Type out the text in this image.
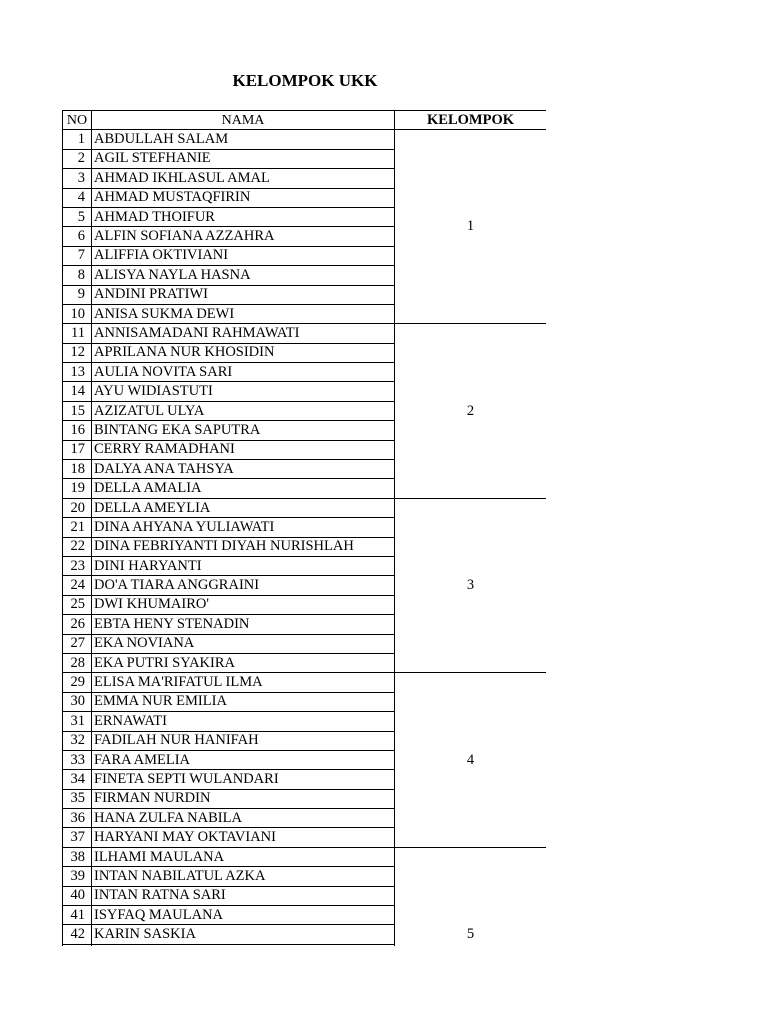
KELOMPOK UKK
NO	NAMA	KELOMPOK
1	ABDULLAH SALAM	1
2	AGIL STEFHANIE	
3	AHMAD IKHLASUL AMAL	
4	AHMAD MUSTAQFIRIN	
5	AHMAD THOIFUR	
6	ALFIN SOFIANA AZZAHRA	
7	ALIFFIA OKTIVIANI	
8	ALISYA NAYLA HASNA	
9	ANDINI PRATIWI	
10	ANISA SUKMA DEWI	
11	ANNISAMADANI RAHMAWATI	2
12	APRILANA NUR KHOSIDIN	
13	AULIA NOVITA SARI	
14	AYU WIDIASTUTI	
15	AZIZATUL ULYA	
16	BINTANG EKA SAPUTRA	
17	CERRY RAMADHANI	
18	DALYA ANA TAHSYA	
19	DELLA AMALIA	
20	DELLA AMEYLIA	3
21	DINA AHYANA YULIAWATI	
22	DINA FEBRIYANTI DIYAH NURISHLAH	
23	DINI HARYANTI	
24	DO'A TIARA ANGGRAINI	
25	DWI KHUMAIRO'	
26	EBTA HENY STENADIN	
27	EKA NOVIANA	
28	EKA PUTRI SYAKIRA	
29	ELISA MA'RIFATUL ILMA	4
30	EMMA NUR EMILIA	
31	ERNAWATI	
32	FADILAH NUR HANIFAH	
33	FARA AMELIA	
34	FINETA SEPTI WULANDARI	
35	FIRMAN NURDIN	
36	HANA ZULFA NABILA	
37	HARYANI MAY OKTAVIANI	
38	ILHAMI MAULANA	5
39	INTAN NABILATUL AZKA	
40	INTAN RATNA SARI	
41	ISYFAQ MAULANA	
42	KARIN SASKIA	
